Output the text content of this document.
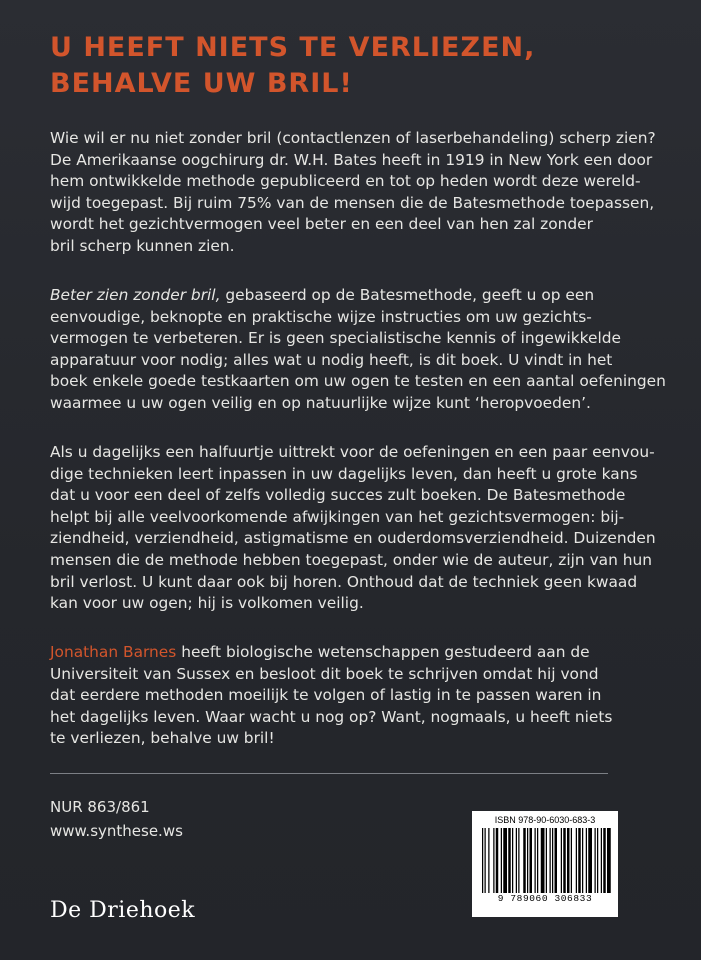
U HEEFT NIETS TE VERLIEZEN,
BEHALVE UW BRIL!
Wie wil er nu niet zonder bril (contactlenzen of laserbehandeling) scherp zien?
De Amerikaanse oogchirurg dr. W.H. Bates heeft in 1919 in New York een door
hem ontwikkelde methode gepubliceerd en tot op heden wordt deze wereld-
wijd toegepast. Bij ruim 75% van de mensen die de Batesmethode toepassen,
wordt het gezichtvermogen veel beter en een deel van hen zal zonder
bril scherp kunnen zien.
Beter zien zonder bril, gebaseerd op de Batesmethode, geeft u op een
eenvoudige, beknopte en praktische wijze instructies om uw gezichts-
vermogen te verbeteren. Er is geen specialistische kennis of ingewikkelde
apparatuur voor nodig; alles wat u nodig heeft, is dit boek. U vindt in het
boek enkele goede testkaarten om uw ogen te testen en een aantal oefeningen
waarmee u uw ogen veilig en op natuurlijke wijze kunt ‘heropvoeden’.
Als u dagelijks een halfuurtje uittrekt voor de oefeningen en een paar eenvou-
dige technieken leert inpassen in uw dagelijks leven, dan heeft u grote kans
dat u voor een deel of zelfs volledig succes zult boeken. De Batesmethode
helpt bij alle veelvoorkomende afwijkingen van het gezichtsvermogen: bij-
ziendheid, verziendheid, astigmatisme en ouderdomsverziendheid. Duizenden
mensen die de methode hebben toegepast, onder wie de auteur, zijn van hun
bril verlost. U kunt daar ook bij horen. Onthoud dat de techniek geen kwaad
kan voor uw ogen; hij is volkomen veilig.
Jonathan Barnes heeft biologische wetenschappen gestudeerd aan de
Universiteit van Sussex en besloot dit boek te schrijven omdat hij vond
dat eerdere methoden moeilijk te volgen of lastig in te passen waren in
het dagelijks leven. Waar wacht u nog op? Want, nogmaals, u heeft niets
te verliezen, behalve uw bril!
NUR 863/861
www.synthese.ws
De Driehoek
ISBN 978-90-6030-683-3
9 789060 306833
